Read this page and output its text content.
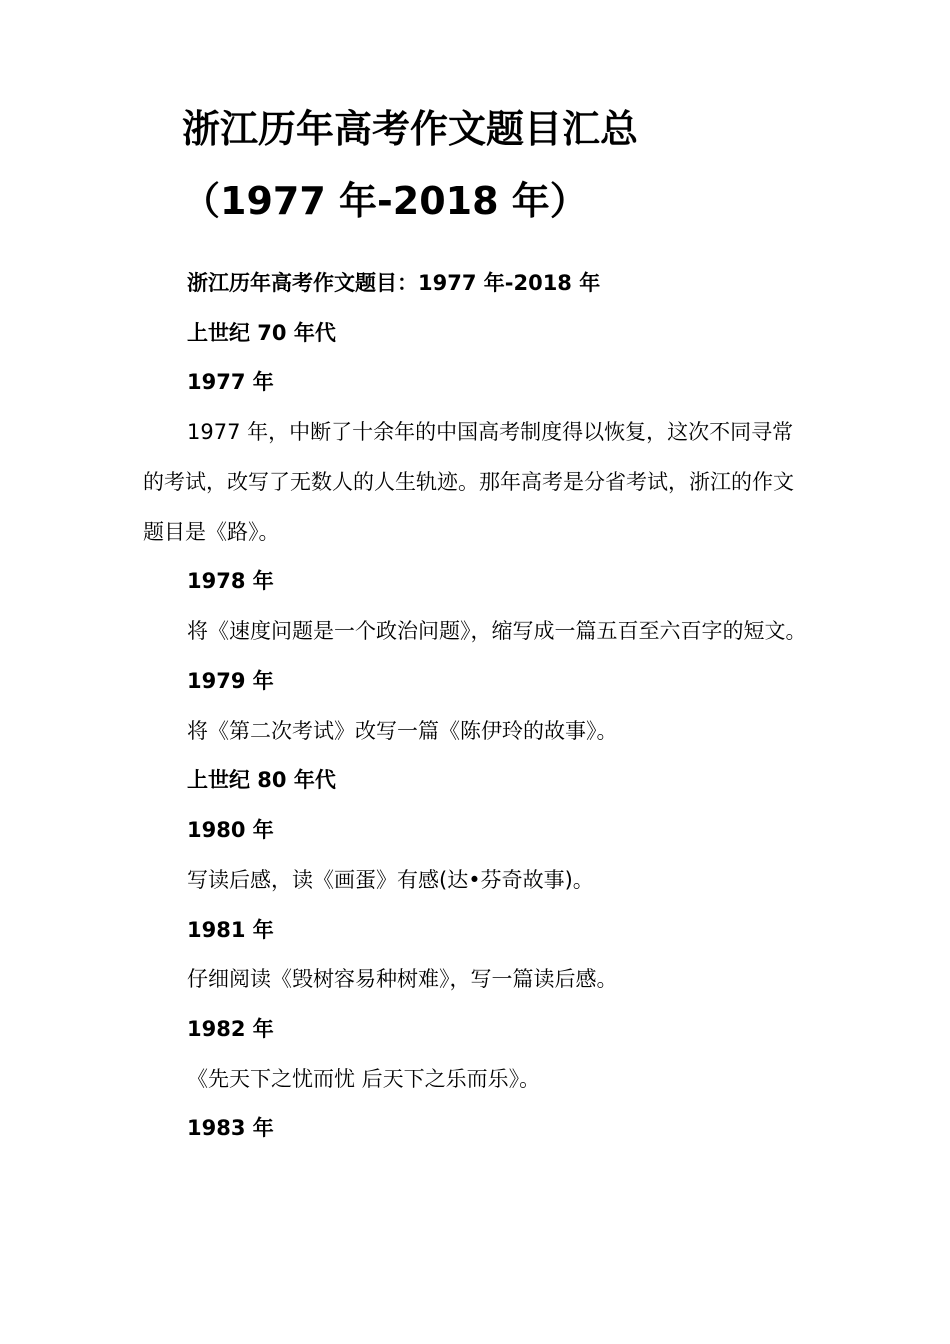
浙江历年高考作文题目汇总
（1977 年-2018 年）
浙江历年高考作文题目：1977 年-2018 年
上世纪 70 年代
1977 年
1977 年，中断了十余年的中国高考制度得以恢复，这次不同寻常
的考试，改写了无数人的人生轨迹。那年高考是分省考试，浙江的作文
题目是《路》。
1978 年
将《速度问题是一个政治问题》，缩写成一篇五百至六百字的短文。
1979 年
将《第二次考试》改写一篇《陈伊玲的故事》。
上世纪 80 年代
1980 年
写读后感，读《画蛋》有感(达•芬奇故事)。
1981 年
仔细阅读《毁树容易种树难》，写一篇读后感。
1982 年
《先天下之忧而忧 后天下之乐而乐》。
1983 年
